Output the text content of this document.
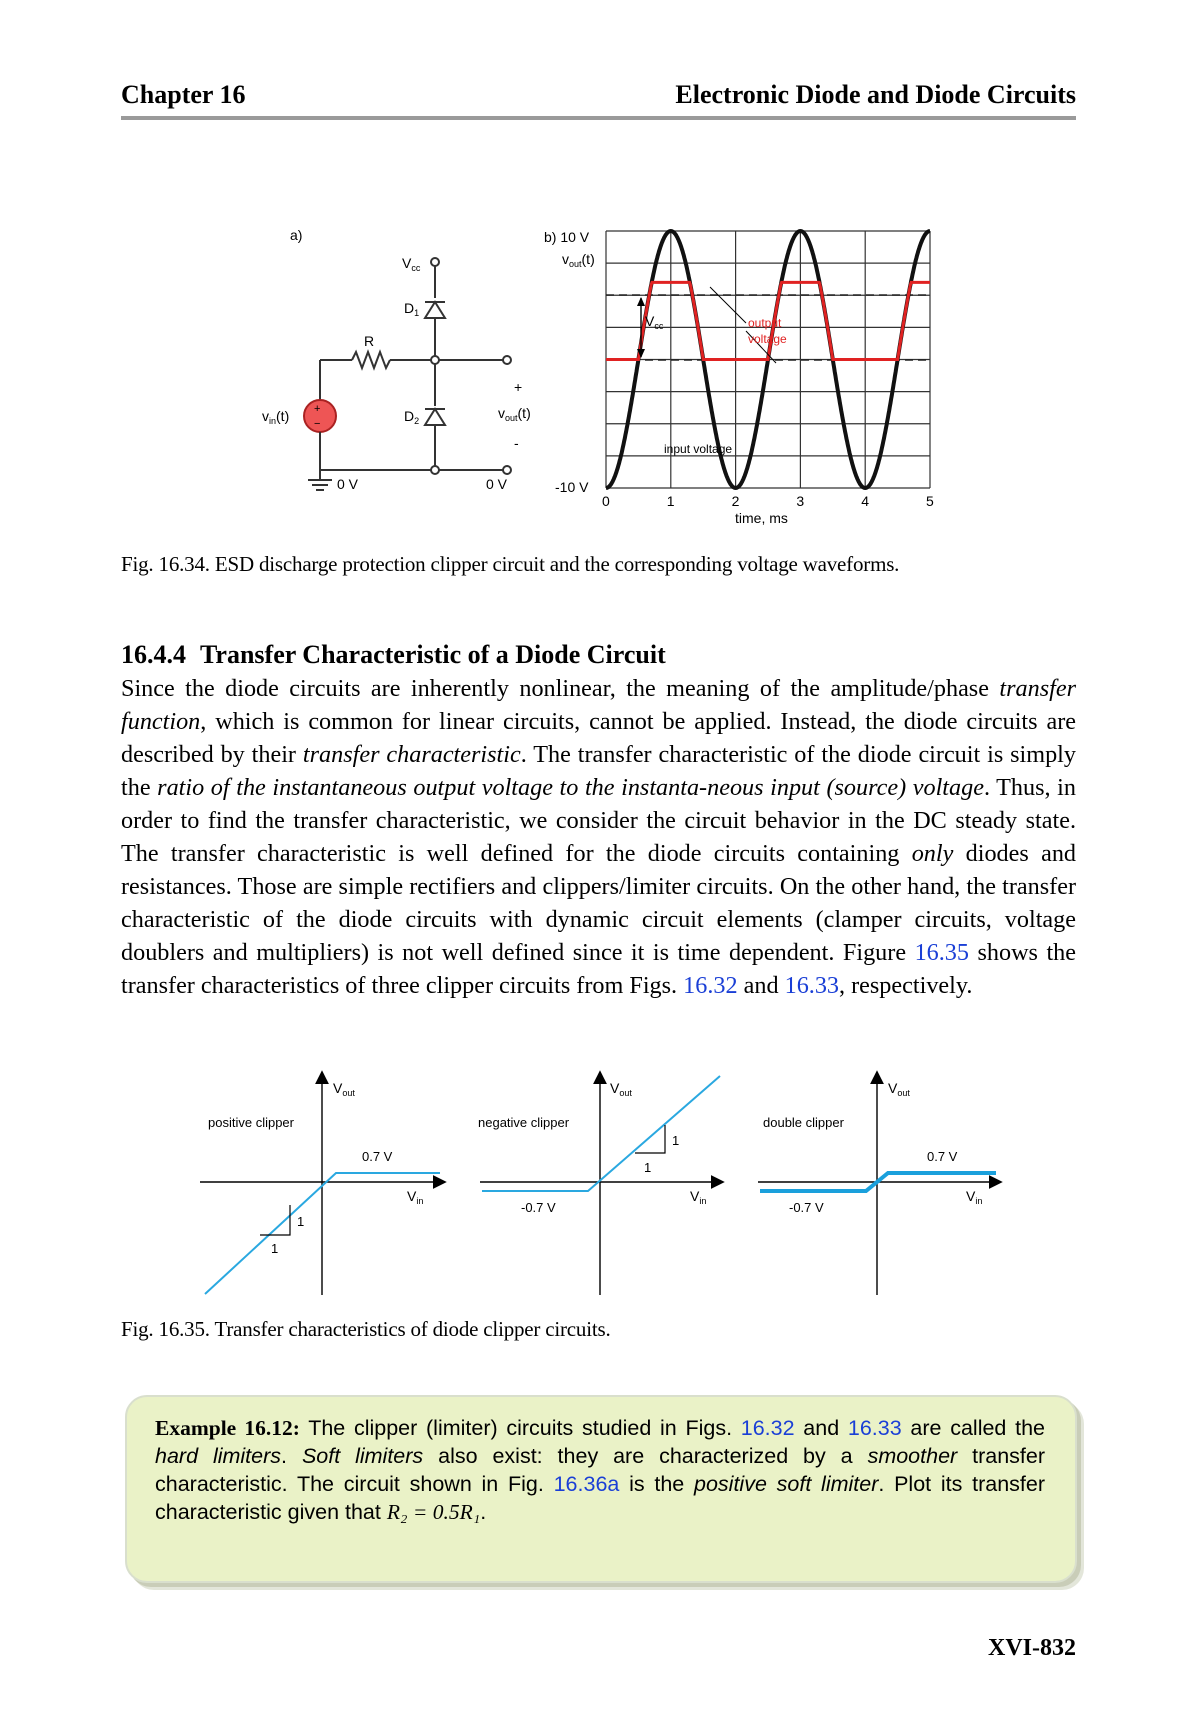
Chapter 16	Electronic Diode and Diode Circuits
a)
$V_{cc}$
$D_1$
R
$D_2$
+
−
$v_{in}(t)$
0 V	0 V
+
-
$v_{out}(t)$
$V_{cc}$	output
voltage
input voltage
b) 10 V
$v_{out}(t)$
-10 V
0	1	2	3	4	5
time, ms
Fig. 16.34. ESD discharge protection clipper circuit and the corresponding voltage waveforms.
16.4.4 Transfer Characteristic of a Diode Circuit
Since the diode circuits are inherently nonlinear, the meaning of the amplitude/phase transfer function, which is common for linear circuits, cannot be applied. Instead, the diode circuits are described by their transfer characteristic. The transfer characteristic of the diode circuit is simply the ratio of the instantaneous output voltage to the instanta-neous input (source) voltage. Thus, in order to find the transfer characteristic, we consider the circuit behavior in the DC steady state. The transfer characteristic is well defined for the diode circuits containing only diodes and resistances. Those are simple rectifiers and clippers/limiter circuits. On the other hand, the transfer characteristic of the diode circuits with dynamic circuit elements (clamper circuits, voltage doublers and multipliers) is not well defined since it is time dependent. Figure 16.35 shows the transfer characteristics of three clipper circuits from Figs. 16.32 and 16.33, respectively.
$V_{out}$
positive clipper
0.7 V
$V_{in}$
1
1
$V_{out}$
negative clipper
-0.7 V
$V_{in}$
1
1
$V_{out}$
double clipper
0.7 V
-0.7 V
$V_{in}$
Fig. 16.35. Transfer characteristics of diode clipper circuits.
Example 16.12: The clipper (limiter) circuits studied in Figs. 16.32 and 16.33 are called the hard limiters. Soft limiters also exist: they are characterized by a smoother transfer characteristic. The circuit shown in Fig. 16.36a is the positive soft limiter. Plot its transfer characteristic given that R₂ = 0.5R₁.
XVI-832
